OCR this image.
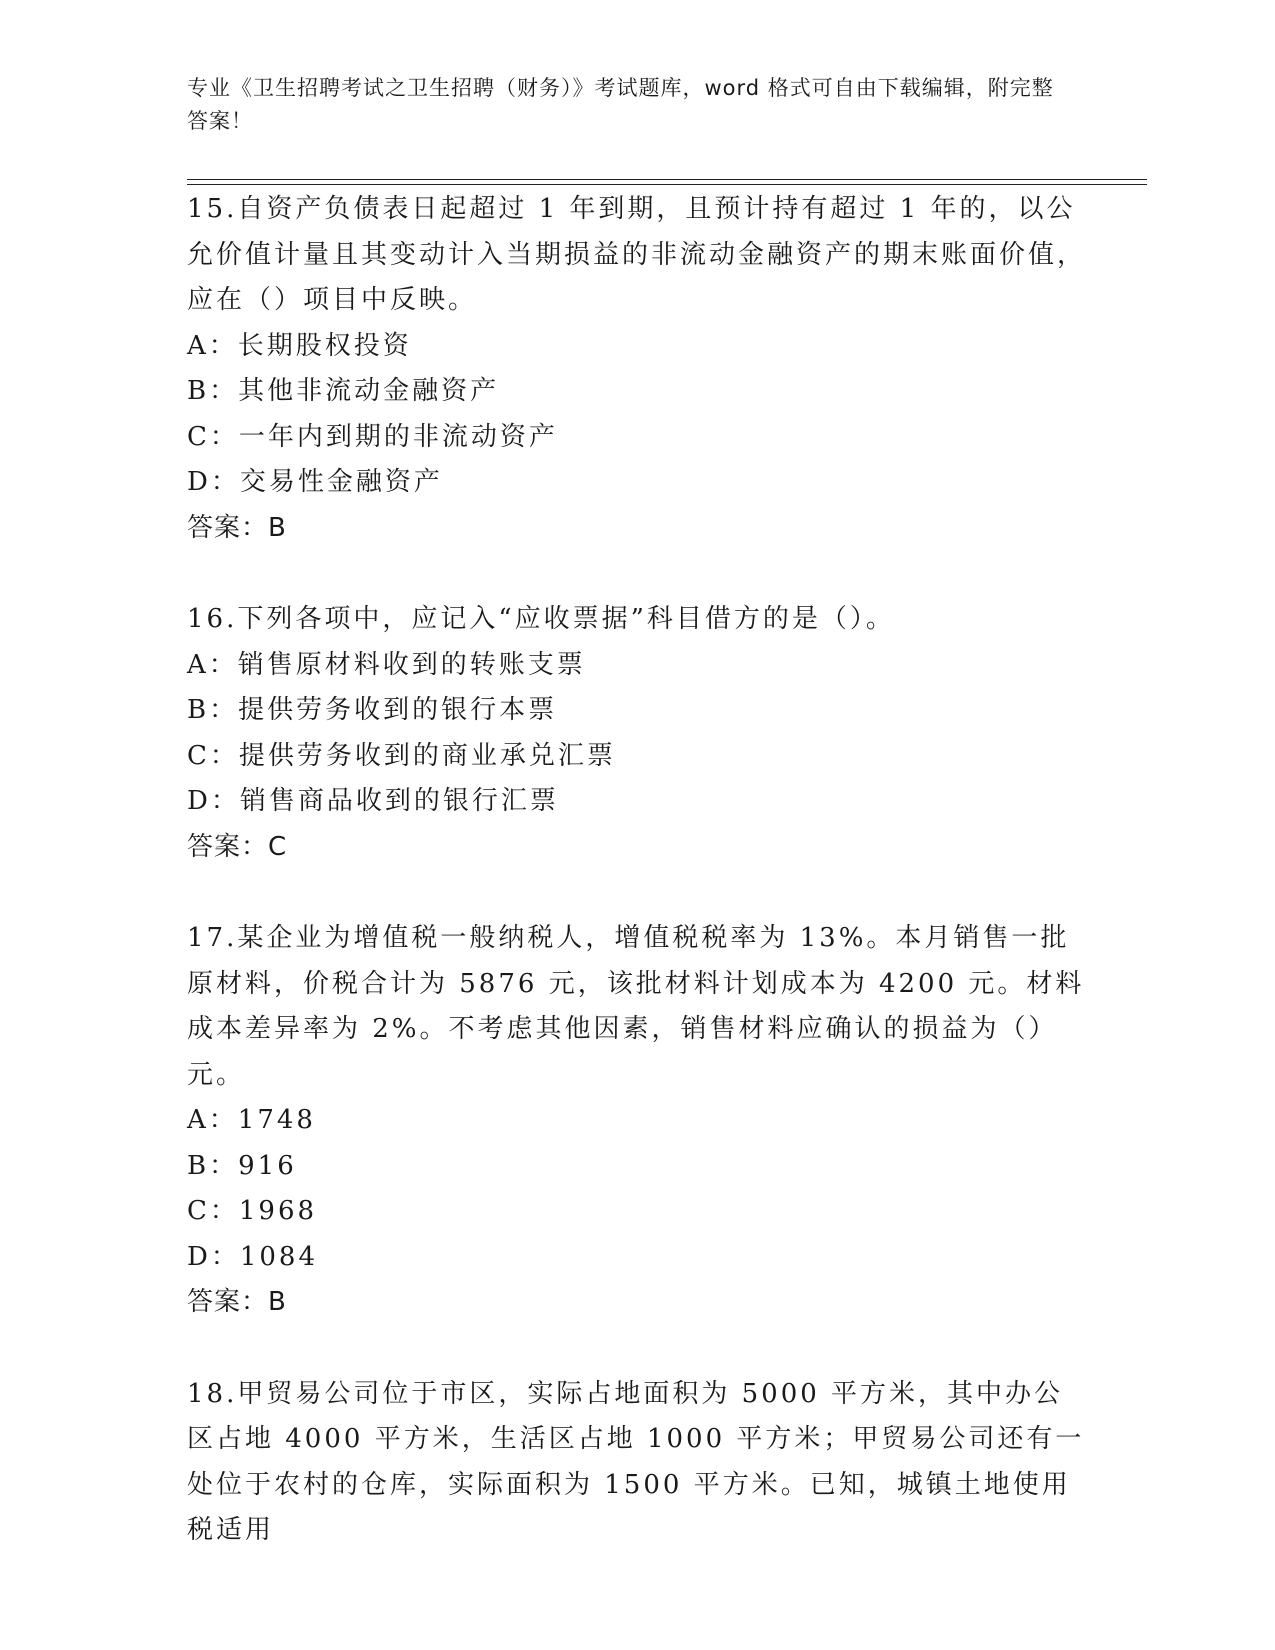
专业《卫生招聘考试之卫生招聘（财务）》考试题库，word 格式可自由下载编辑，附完整答案！
15.自资产负债表日起超过 1 年到期，且预计持有超过 1 年的，以公允价值计量且其变动计入当期损益的非流动金融资产的期末账面价值，应在（）项目中反映。
A：长期股权投资
B：其他非流动金融资产
C：一年内到期的非流动资产
D：交易性金融资产
答案：B
16.下列各项中，应记入“应收票据”科目借方的是（）。
A：销售原材料收到的转账支票
B：提供劳务收到的银行本票
C：提供劳务收到的商业承兑汇票
D：销售商品收到的银行汇票
答案：C
17.某企业为增值税一般纳税人，增值税税率为 13%。本月销售一批原材料，价税合计为 5876 元，该批材料计划成本为 4200 元。材料成本差异率为 2%。不考虑其他因素，销售材料应确认的损益为（）元。
A：1748
B：916
C：1968
D：1084
答案：B
18.甲贸易公司位于市区，实际占地面积为 5000 平方米，其中办公区占地 4000 平方米，生活区占地 1000 平方米；甲贸易公司还有一处位于农村的仓库，实际面积为 1500 平方米。已知，城镇土地使用税适用
